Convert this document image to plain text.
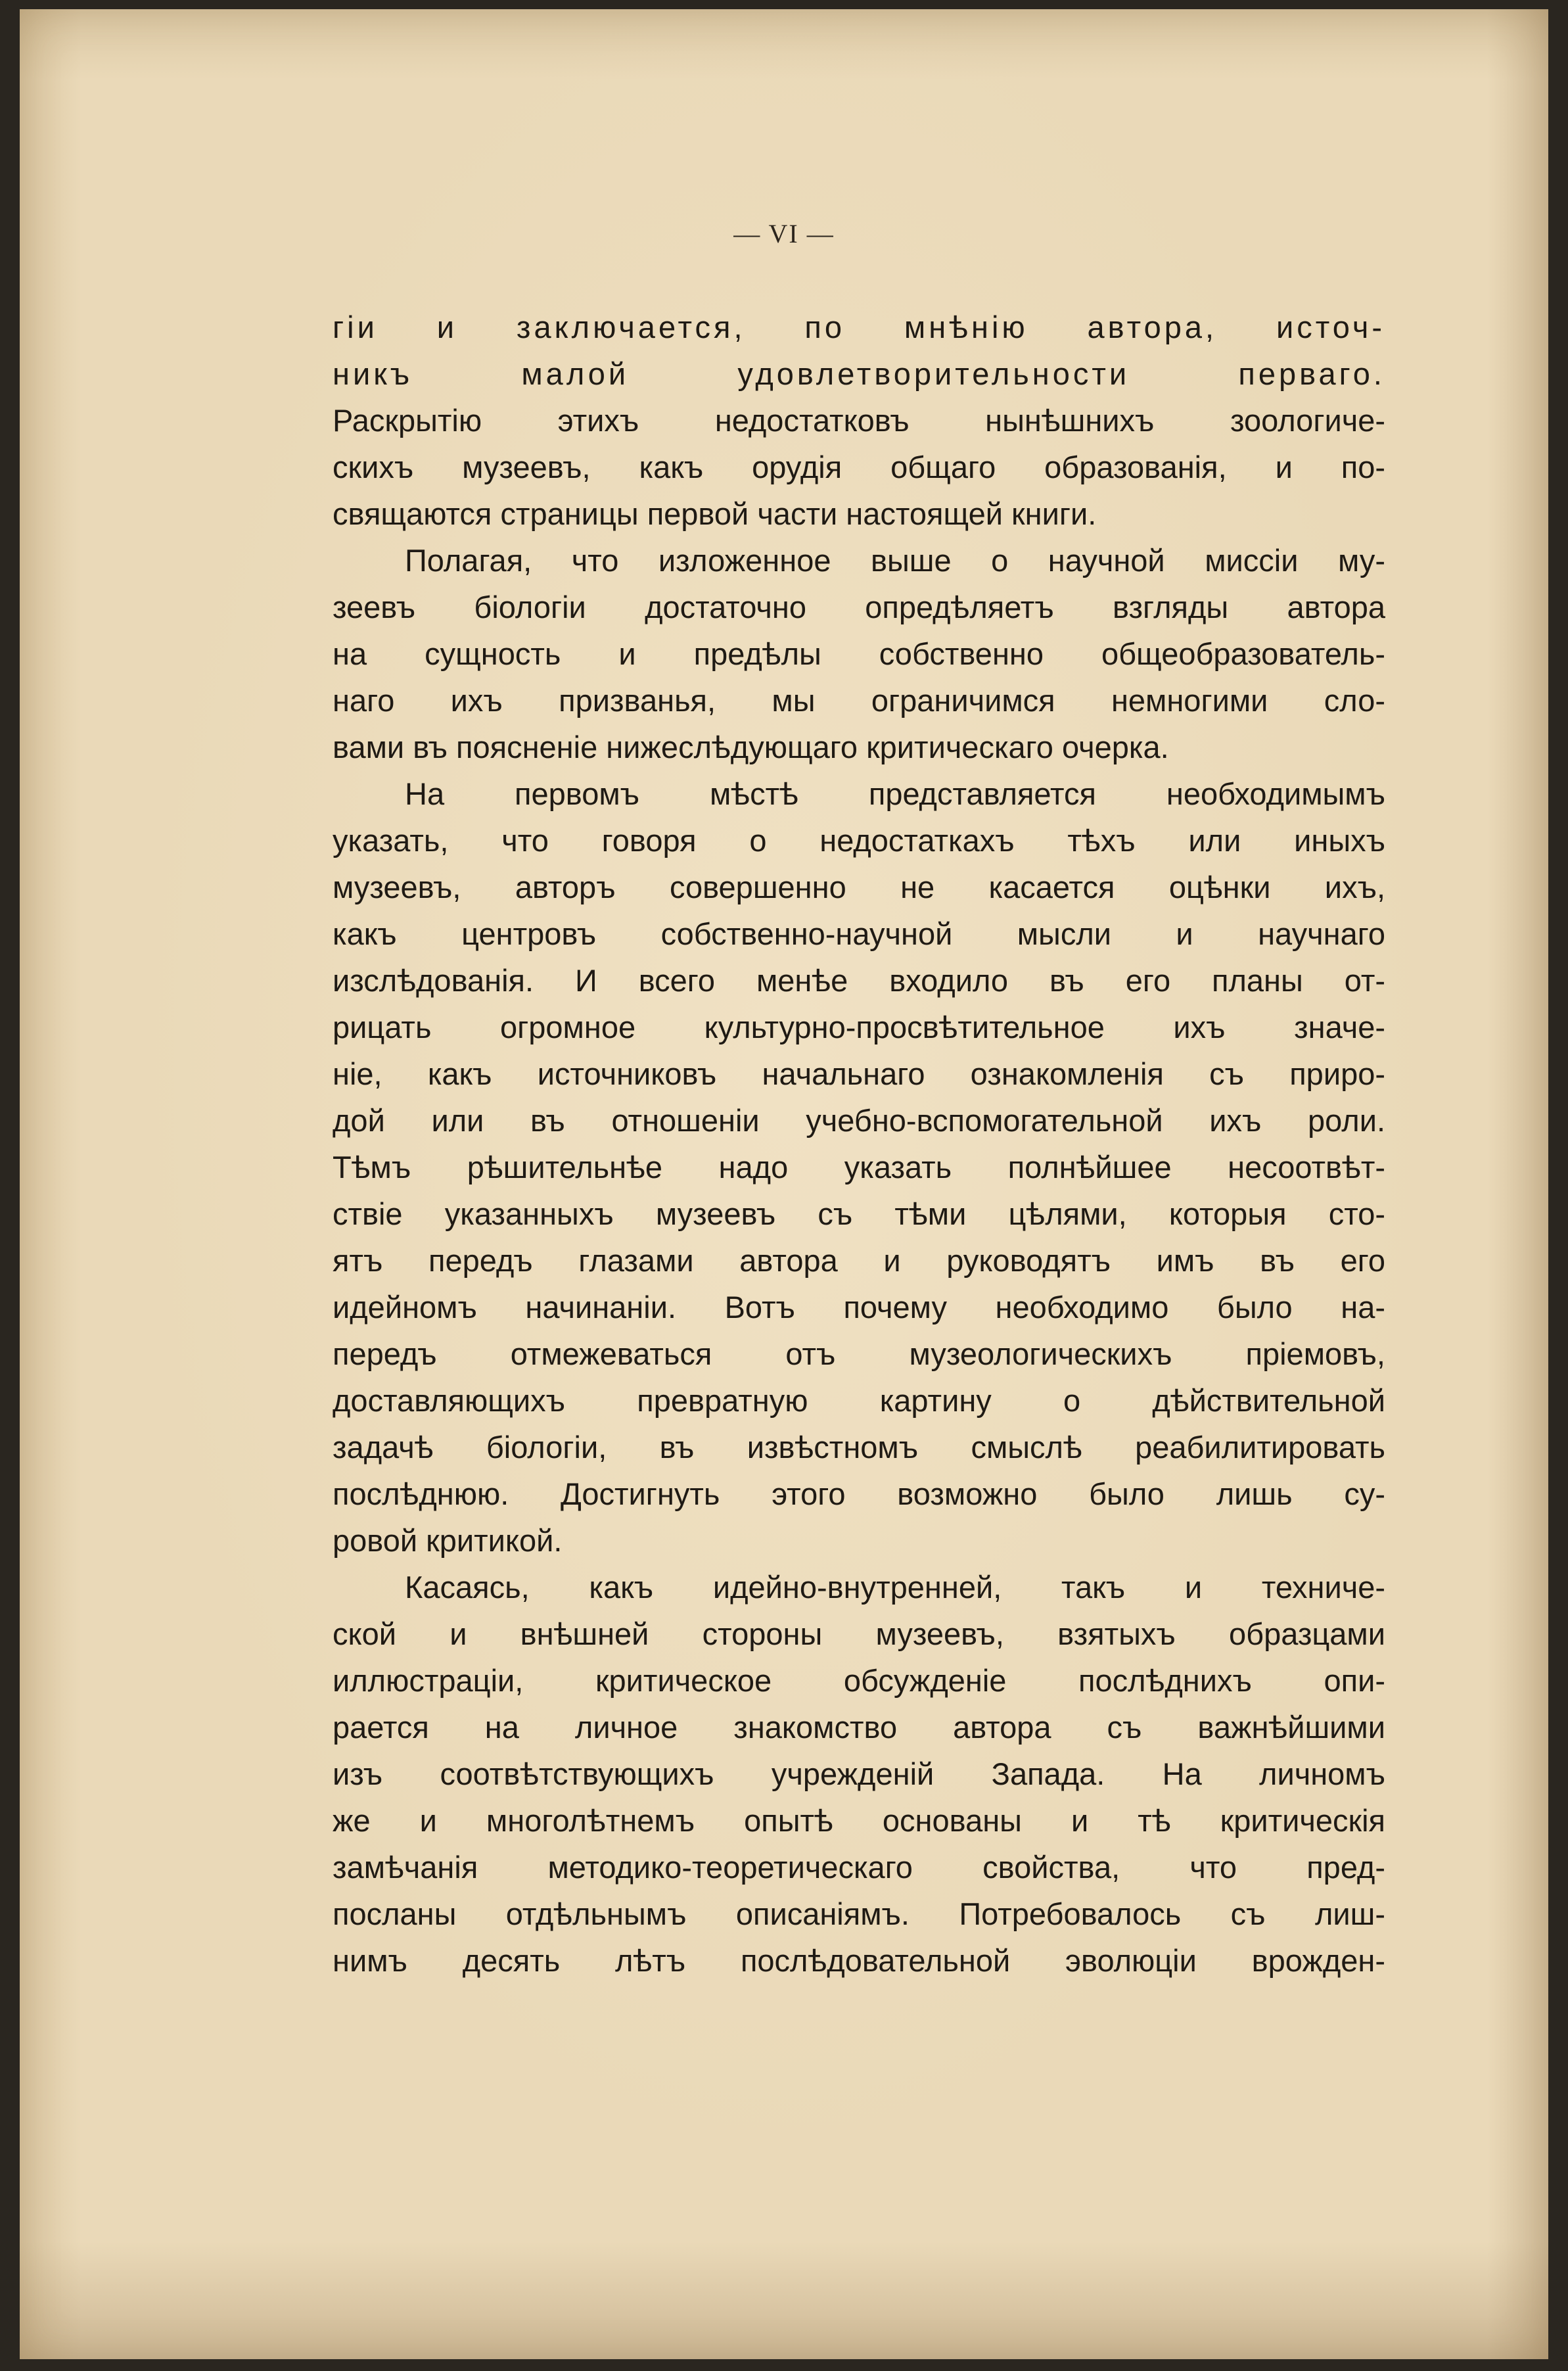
— VI —
гіи и заключается, по мнѣнію автора, источ-
никъ малой удовлетворительности перваго.
Раскрытію этихъ недостатковъ нынѣшнихъ зоологиче-
скихъ музеевъ, какъ орудія общаго образованія, и по-
свящаются страницы первой части настоящей книги.
Полагая, что изложенное выше о научной миссіи му-
зеевъ біологіи достаточно опредѣляетъ взгляды автора
на сущность и предѣлы собственно общеобразователь-
наго ихъ призванья, мы ограничимся немногими сло-
вами въ поясненіе нижеслѣдующаго критическаго очерка.
На первомъ мѣстѣ представляется необходимымъ
указать, что говоря о недостаткахъ тѣхъ или иныхъ
музеевъ, авторъ совершенно не касается оцѣнки ихъ,
какъ центровъ собственно-научной мысли и научнаго
изслѣдованія. И всего менѣе входило въ его планы от-
рицать огромное культурно-просвѣтительное ихъ значе-
ніе, какъ источниковъ начальнаго ознакомленія съ приро-
дой или въ отношеніи учебно-вспомогательной ихъ роли.
Тѣмъ рѣшительнѣе надо указать полнѣйшее несоотвѣт-
ствіе указанныхъ музеевъ съ тѣми цѣлями, которыя сто-
ятъ передъ глазами автора и руководятъ имъ въ его
идейномъ начинаніи. Вотъ почему необходимо было на-
передъ отмежеваться отъ музеологическихъ пріемовъ,
доставляющихъ превратную картину о дѣйствительной
задачѣ біологіи, въ извѣстномъ смыслѣ реабилитировать
послѣднюю. Достигнуть этого возможно было лишь су-
ровой критикой.
Касаясь, какъ идейно-внутренней, такъ и техниче-
ской и внѣшней стороны музеевъ, взятыхъ образцами
иллюстраціи, критическое обсужденіе послѣднихъ опи-
рается на личное знакомство автора съ важнѣйшими
изъ соотвѣтствующихъ учрежденій Запада. На личномъ
же и многолѣтнемъ опытѣ основаны и тѣ критическія
замѣчанія методико-теоретическаго свойства, что пред-
посланы отдѣльнымъ описаніямъ. Потребовалось съ лиш-
нимъ десять лѣтъ послѣдовательной эволюціи врожден-
